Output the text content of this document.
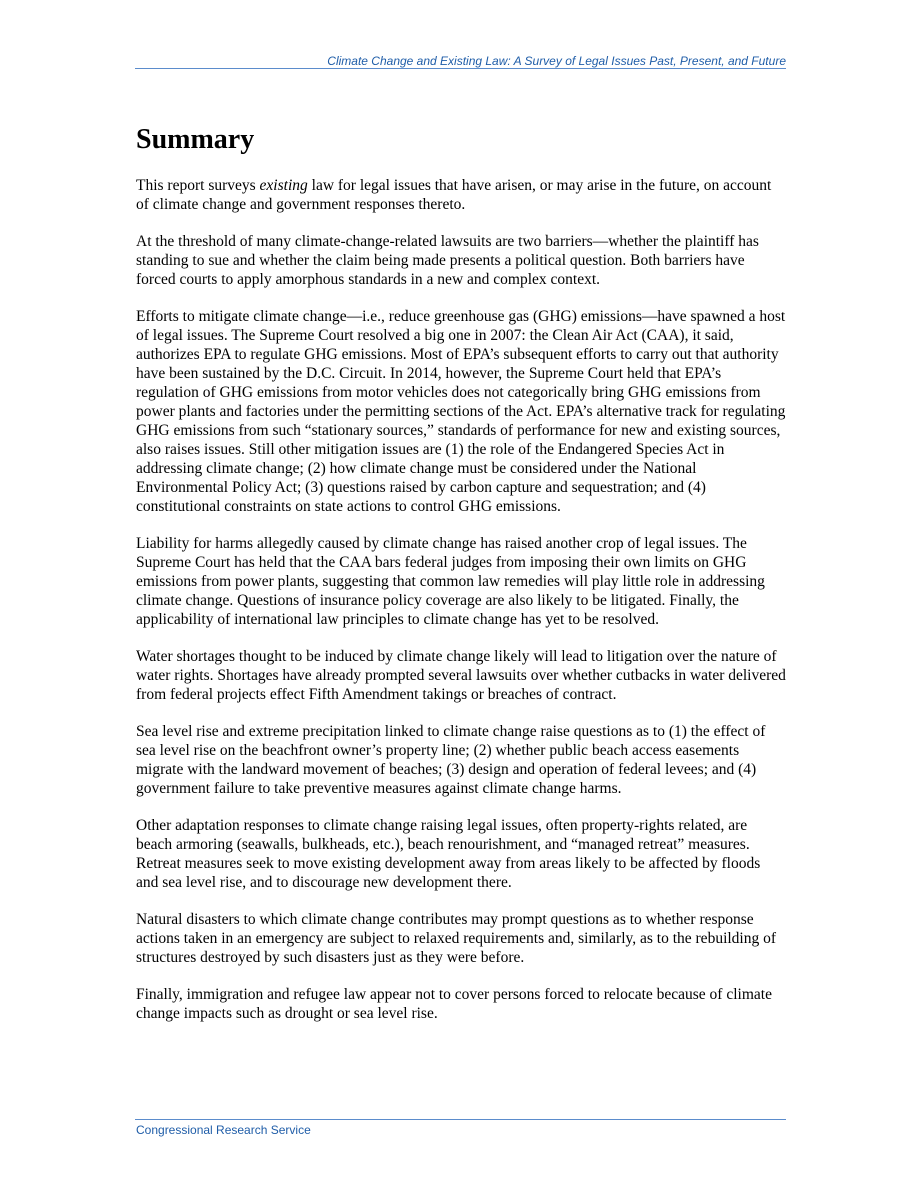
Climate Change and Existing Law: A Survey of Legal Issues Past, Present, and Future
Summary

This report surveys existing law for legal issues that have arisen, or may arise in the future, on account of climate change and government responses thereto.

At the threshold of many climate-change-related lawsuits are two barriers—whether the plaintiff has standing to sue and whether the claim being made presents a political question. Both barriers have forced courts to apply amorphous standards in a new and complex context.

Efforts to mitigate climate change—i.e., reduce greenhouse gas (GHG) emissions—have spawned a host of legal issues. The Supreme Court resolved a big one in 2007: the Clean Air Act (CAA), it said, authorizes EPA to regulate GHG emissions. Most of EPA’s subsequent efforts to carry out that authority have been sustained by the D.C. Circuit. In 2014, however, the Supreme Court held that EPA’s regulation of GHG emissions from motor vehicles does not categorically bring GHG emissions from power plants and factories under the permitting sections of the Act. EPA’s alternative track for regulating GHG emissions from such “stationary sources,” standards of performance for new and existing sources, also raises issues. Still other mitigation issues are (1) the role of the Endangered Species Act in addressing climate change; (2) how climate change must be considered under the National Environmental Policy Act; (3) questions raised by carbon capture and sequestration; and (4) constitutional constraints on state actions to control GHG emissions.

Liability for harms allegedly caused by climate change has raised another crop of legal issues. The Supreme Court has held that the CAA bars federal judges from imposing their own limits on GHG emissions from power plants, suggesting that common law remedies will play little role in addressing climate change. Questions of insurance policy coverage are also likely to be litigated. Finally, the applicability of international law principles to climate change has yet to be resolved.

Water shortages thought to be induced by climate change likely will lead to litigation over the nature of water rights. Shortages have already prompted several lawsuits over whether cutbacks in water delivered from federal projects effect Fifth Amendment takings or breaches of contract.

Sea level rise and extreme precipitation linked to climate change raise questions as to (1) the effect of sea level rise on the beachfront owner’s property line; (2) whether public beach access easements migrate with the landward movement of beaches; (3) design and operation of federal levees; and (4) government failure to take preventive measures against climate change harms.

Other adaptation responses to climate change raising legal issues, often property-rights related, are beach armoring (seawalls, bulkheads, etc.), beach renourishment, and “managed retreat” measures. Retreat measures seek to move existing development away from areas likely to be affected by floods and sea level rise, and to discourage new development there.

Natural disasters to which climate change contributes may prompt questions as to whether response actions taken in an emergency are subject to relaxed requirements and, similarly, as to the rebuilding of structures destroyed by such disasters just as they were before.

Finally, immigration and refugee law appear not to cover persons forced to relocate because of climate change impacts such as drought or sea level rise.

Congressional Research Service
